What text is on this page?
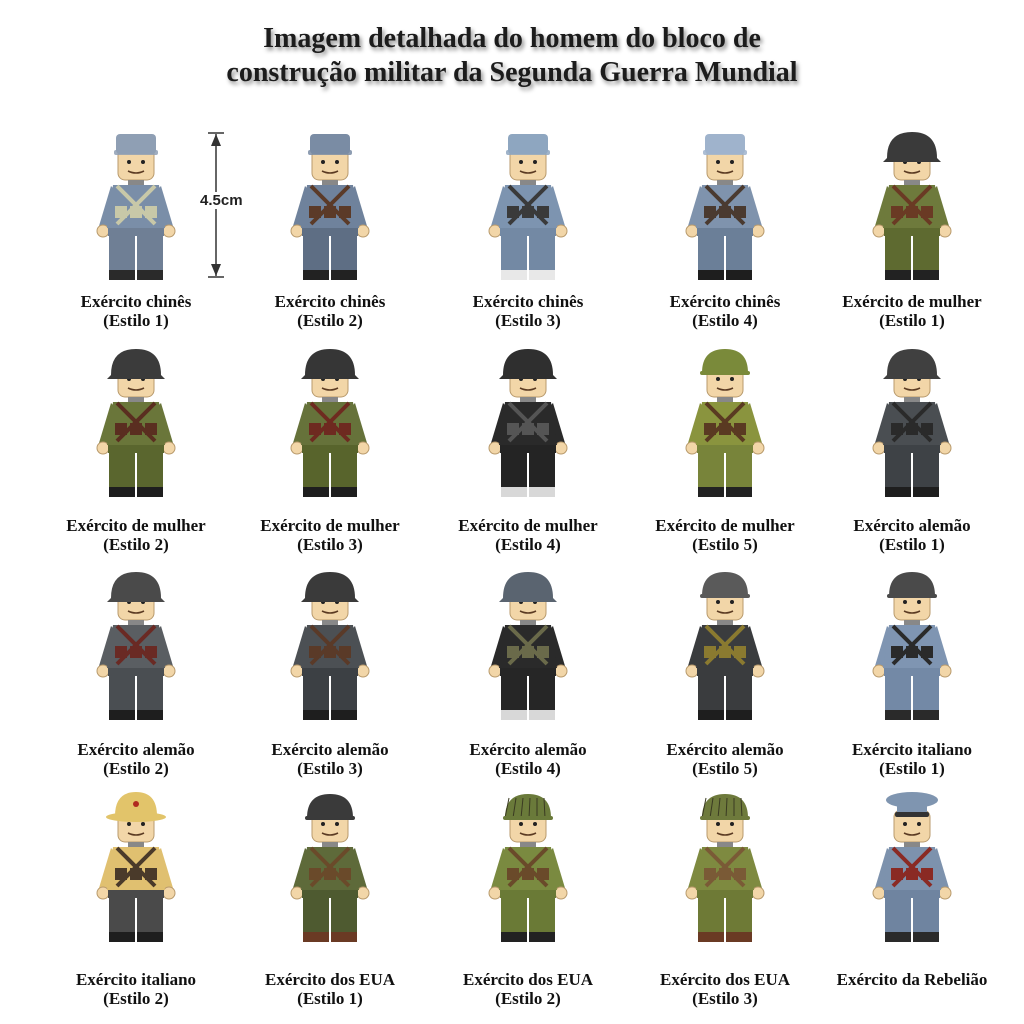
Imagem detalhada do homem do bloco de
construção militar da Segunda Guerra Mundial
4.5cm
Exército chinês
(Estilo 1)
Exército chinês
(Estilo 2)
Exército chinês
(Estilo 3)
Exército chinês
(Estilo 4)
Exército de mulher
(Estilo 1)
Exército de mulher
(Estilo 2)
Exército de mulher
(Estilo 3)
Exército de mulher
(Estilo 4)
Exército de mulher
(Estilo 5)
Exército alemão
(Estilo 1)
Exército alemão
(Estilo 2)
Exército alemão
(Estilo 3)
Exército alemão
(Estilo 4)
Exército alemão
(Estilo 5)
Exército italiano
(Estilo 1)
Exército italiano
(Estilo 2)
Exército dos EUA
(Estilo 1)
Exército dos EUA
(Estilo 2)
Exército dos EUA
(Estilo 3)
Exército da Rebelião
